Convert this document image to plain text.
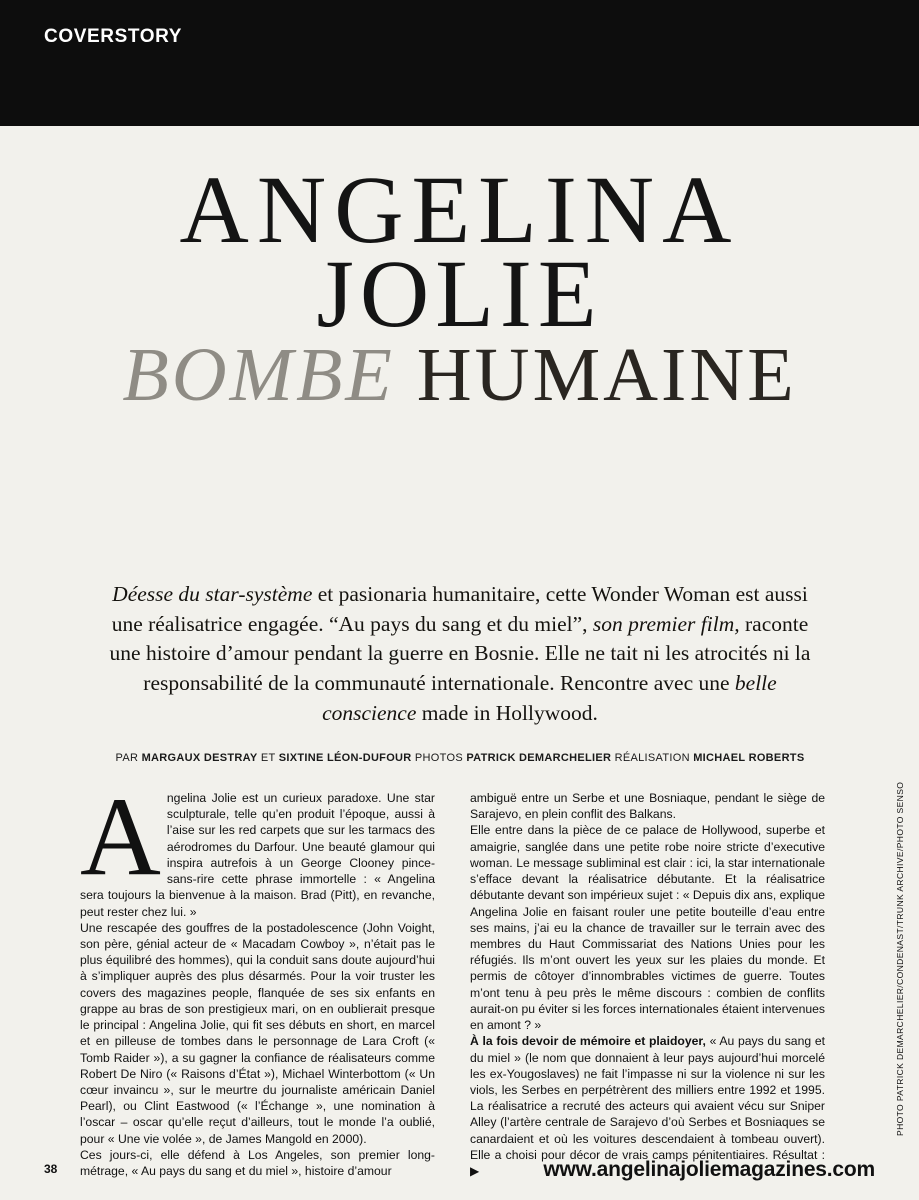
COVERSTORY
ANGELINA
JOLIE
BOMBE HUMAINE
Déesse du star-système et pasionaria humanitaire, cette Wonder Woman est aussi une réalisatrice engagée. “Au pays du sang et du miel”, son premier film, raconte une histoire d’amour pendant la guerre en Bosnie. Elle ne tait ni les atrocités ni la responsabilité de la communauté internationale. Rencontre avec une belle conscience made in Hollywood.
PAR MARGAUX DESTRAY ET SIXTINE LÉON-DUFOUR PHOTOS PATRICK DEMARCHELIER RÉALISATION MICHAEL ROBERTS
A ngelina Jolie est un curieux paradoxe. Une star sculpturale, telle qu’en produit l’époque, aussi à l’aise sur les red carpets que sur les tarmacs des aérodromes du Darfour. Une beauté glamour qui inspira autrefois à un George Clooney pince-sans-rire cette phrase immortelle : « Angelina sera toujours la bienvenue à la maison. Brad (Pitt), en revanche, peut rester chez lui. »

Une rescapée des gouffres de la postadolescence (John Voight, son père, génial acteur de « Macadam Cowboy », n’était pas le plus équilibré des hommes), qui la conduit sans doute aujourd’hui à s’impliquer auprès des plus désarmés. Pour la voir truster les covers des magazines people, flanquée de ses six enfants en grappe au bras de son prestigieux mari, on en oublierait presque le principal : Angelina Jolie, qui fit ses débuts en short, en marcel et en pilleuse de tombes dans le personnage de Lara Croft (« Tomb Raider »), a su gagner la confiance de réalisateurs comme Robert De Niro (« Raisons d’État »), Michael Winterbottom (« Un cœur invaincu », sur le meurtre du journaliste américain Daniel Pearl), ou Clint Eastwood (« l’Échange », une nomination à l’oscar – oscar qu’elle reçut d’ailleurs, tout le monde l’a oublié, pour « Une vie volée », de James Mangold en 2000).

Ces jours-ci, elle défend à Los Angeles, son premier long-métrage, « Au pays du sang et du miel », histoire d’amour

ambiguë entre un Serbe et une Bosniaque, pendant le siège de Sarajevo, en plein conflit des Balkans.

Elle entre dans la pièce de ce palace de Hollywood, superbe et amaigrie, sanglée dans une petite robe noire stricte d’executive woman. Le message subliminal est clair : ici, la star internationale s’efface devant la réalisatrice débutante. Et la réalisatrice débutante devant son impérieux sujet : « Depuis dix ans, explique Angelina Jolie en faisant rouler une petite bouteille d’eau entre ses mains, j’ai eu la chance de travailler sur le terrain avec des membres du Haut Commissariat des Nations Unies pour les réfugiés. Ils m’ont ouvert les yeux sur les plaies du monde. Et permis de côtoyer d’innombrables victimes de guerre. Toutes m’ont tenu à peu près le même discours : combien de conflits aurait-on pu éviter si les forces internationales étaient intervenues en amont ? »

À la fois devoir de mémoire et plaidoyer, « Au pays du sang et du miel » (le nom que donnaient à leur pays aujourd’hui morcelé les ex-Yougoslaves) ne fait l’impasse ni sur la violence ni sur les viols, les Serbes en perpétrèrent des milliers entre 1992 et 1995. La réalisatrice a recruté des acteurs qui avaient vécu sur Sniper Alley (l’artère centrale de Sarajevo d’où Serbes et Bosniaques se canardaient et où les voitures descendaient à tombeau ouvert). Elle a choisi pour décor de vrais camps pénitentiaires. Résultat : ▶

PHOTO PATRICK DEMARCHELIER/CONDENAST/TRUNK ARCHIVE/PHOTO SENSO
38	www.angelinajoliemagazines.com
